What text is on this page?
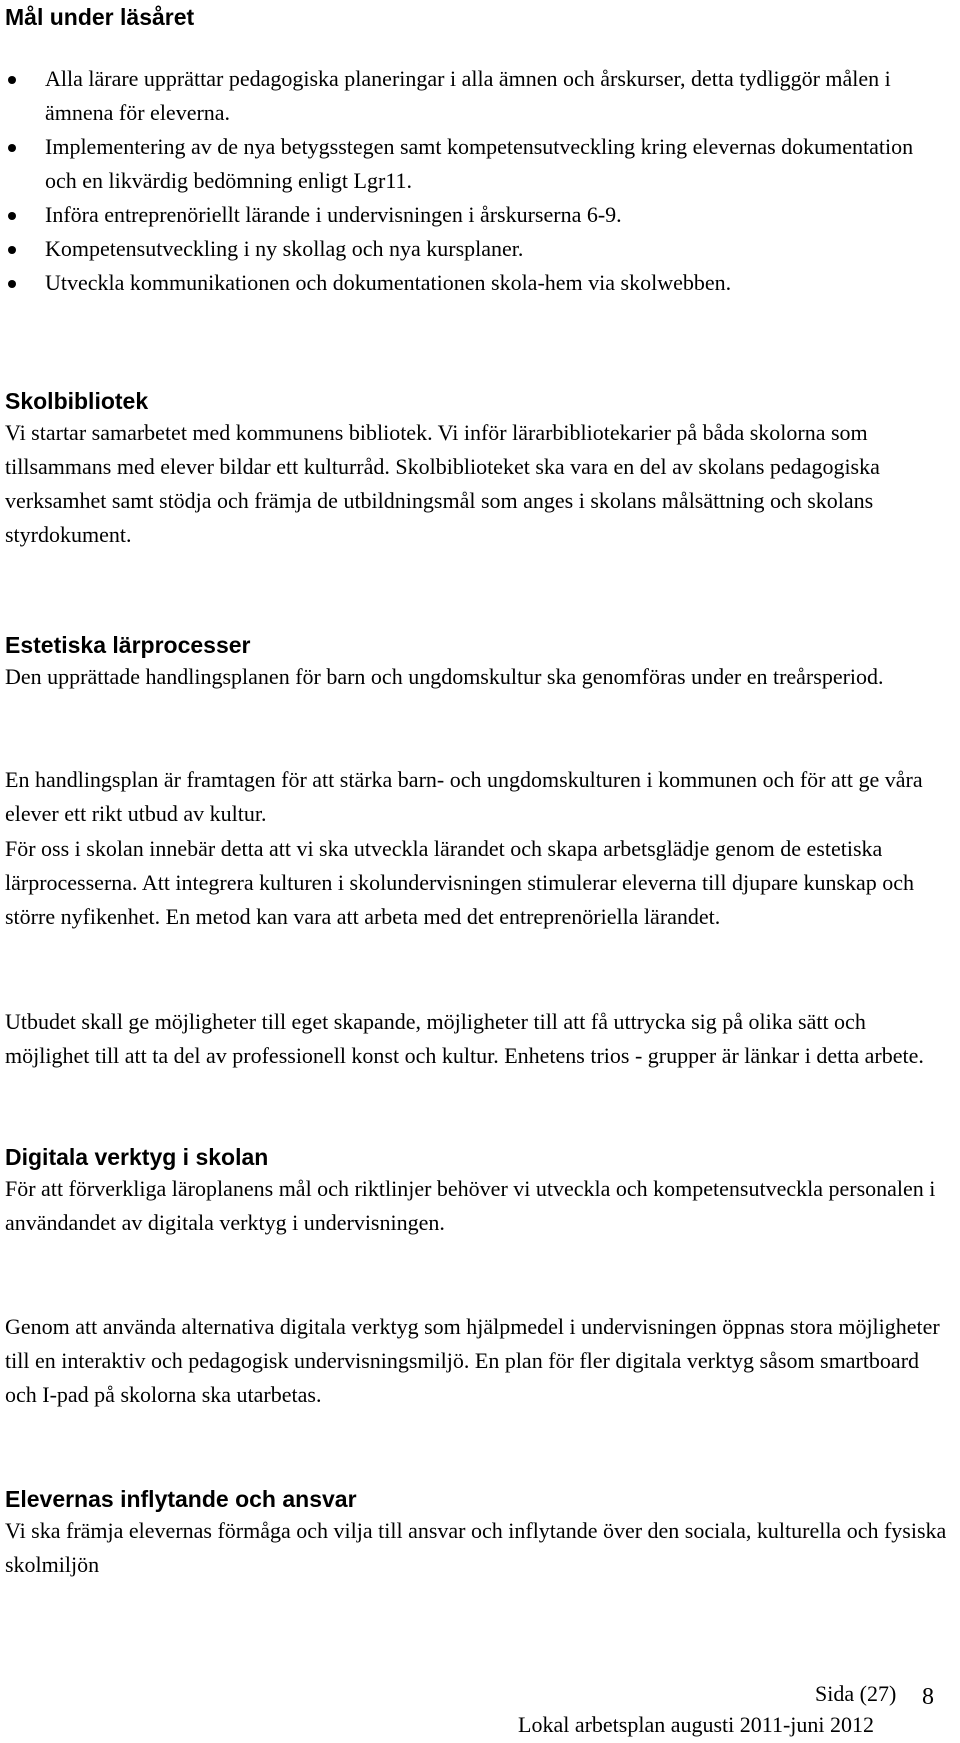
Mål under läsåret
Alla lärare upprättar pedagogiska planeringar i alla ämnen och årskurser, detta tydliggör målen i ämnena för eleverna.
Implementering av de nya betygsstegen samt kompetensutveckling kring elevernas dokumentation och en likvärdig bedömning enligt Lgr11.
Införa entreprenöriellt lärande i undervisningen i årskurserna 6-9.
Kompetensutveckling i ny skollag och nya kursplaner.
Utveckla kommunikationen och dokumentationen skola-hem via skolwebben.
Skolbibliotek

Vi startar samarbetet med kommunens bibliotek. Vi inför lärarbibliotekarier på båda skolorna som tillsammans med elever bildar ett kulturråd. Skolbiblioteket ska vara en del av skolans pedagogiska verksamhet samt stödja och främja de utbildningsmål som anges i skolans målsättning och skolans styrdokument.

Estetiska lärprocesser

Den upprättade handlingsplanen för barn och ungdomskultur ska genomföras under en treårsperiod.

En handlingsplan är framtagen för att stärka barn- och ungdomskulturen i kommunen och för att ge våra elever ett rikt utbud av kultur.

För oss i skolan innebär detta att vi ska utveckla lärandet och skapa arbetsglädje genom de estetiska lärprocesserna. Att integrera kulturen i skolundervisningen stimulerar eleverna till djupare kunskap och större nyfikenhet. En metod kan vara att arbeta med det entreprenöriella lärandet.

Utbudet skall ge möjligheter till eget skapande, möjligheter till att få uttrycka sig på olika sätt och möjlighet till att ta del av professionell konst och kultur. Enhetens trios - grupper är länkar i detta arbete.

Digitala verktyg i skolan

För att förverkliga läroplanens mål och riktlinjer behöver vi utveckla och kompetensutveckla personalen i användandet av digitala verktyg i undervisningen.

Genom att använda alternativa digitala verktyg som hjälpmedel i undervisningen öppnas stora möjligheter till en interaktiv och pedagogisk undervisningsmiljö. En plan för fler digitala verktyg såsom smartboard och I-pad på skolorna ska utarbetas.

Elevernas inflytande och ansvar

Vi ska främja elevernas förmåga och vilja till ansvar och inflytande över den sociala, kulturella och fysiska skolmiljön

Sida (27) 8
Lokal arbetsplan augusti 2011-juni 2012
